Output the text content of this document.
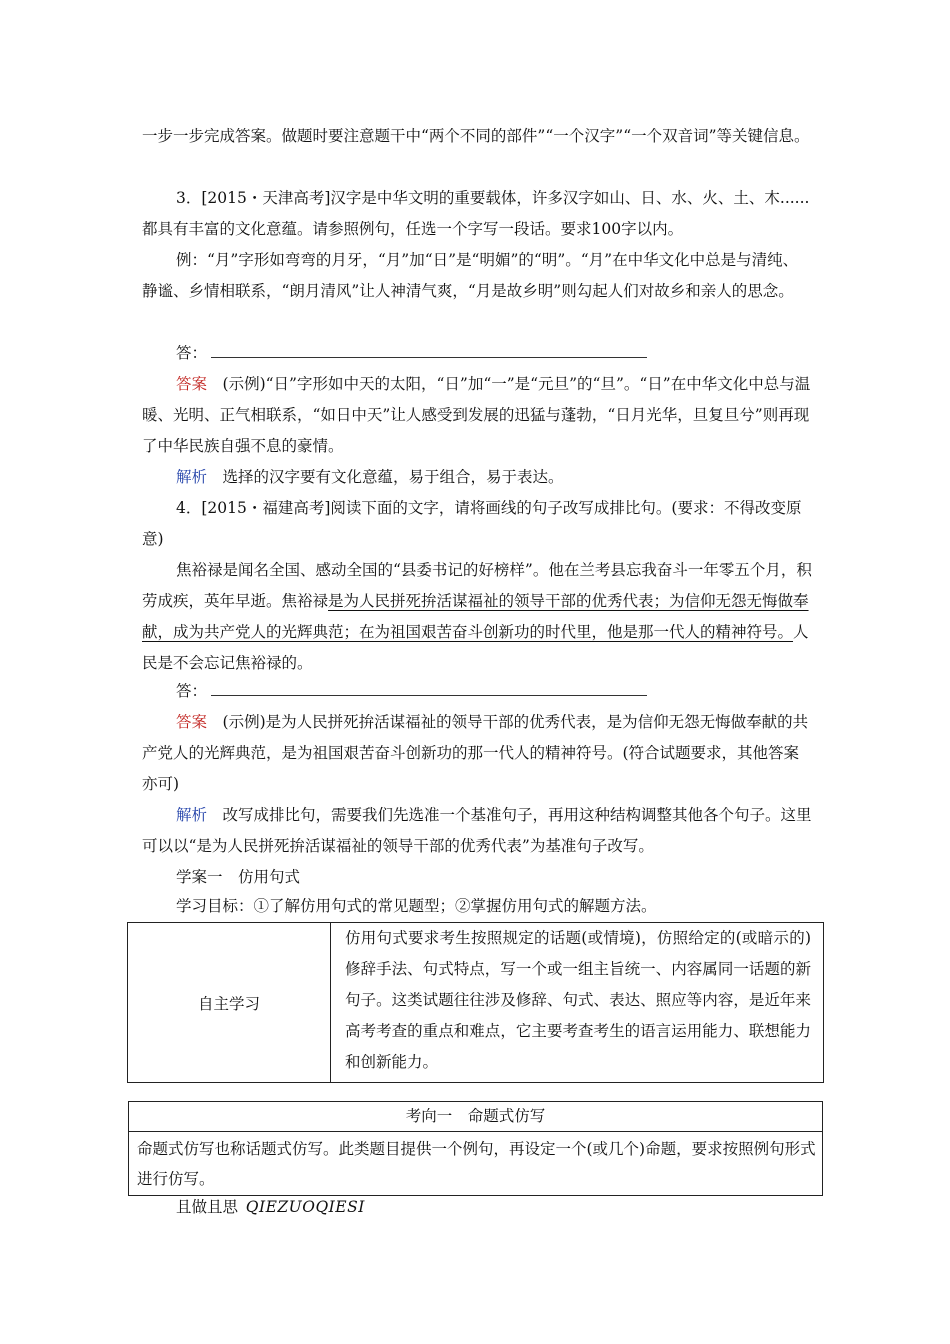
一步一步完成答案。做题时要注意题干中“两个不同的部件”“一个汉字”“一个双音词”等关键信息。

3．[2015・天津高考]汉字是中华文明的重要载体，许多汉字如山、日、水、火、土、木......都具有丰富的文化意蕴。请参照例句，任选一个字写一段话。要求100字以内。

例：“月”字形如弯弯的月牙，“月”加“日”是“明媚”的“明”。“月”在中华文化中总是与清纯、静谧、乡情相联系，“朗月清风”让人神清气爽，“月是故乡明”则勾起人们对故乡和亲人的思念。

答：

答案　 (示例)“日”字形如中天的太阳，“日”加“一”是“元旦”的“旦”。“日”在中华文化中总与温暖、光明、正气相联系，“如日中天”让人感受到发展的迅猛与蓬勃，“日月光华，旦复旦兮”则再现了中华民族自强不息的豪情。

解析　 选择的汉字要有文化意蕴，易于组合，易于表达。

4．[2015・福建高考]阅读下面的文字，请将画线的句子改写成排比句。(要求：不得改变原意)

焦裕禄是闻名全国、感动全国的“县委书记的好榜样”。他在兰考县忘我奋斗一年零五个月，积劳成疾，英年早逝。焦裕禄是为人民拼死拚活谋福祉的领导干部的优秀代表；为信仰无怨无悔做奉献，成为共产党人的光辉典范；在为祖国艰苦奋斗创新功的时代里，他是那一代人的精神符号。人民是不会忘记焦裕禄的。

答：

答案　 (示例)是为人民拼死拚活谋福祉的领导干部的优秀代表，是为信仰无怨无悔做奉献的共产党人的光辉典范，是为祖国艰苦奋斗创新功的那一代人的精神符号。(符合试题要求，其他答案亦可)

解析　 改写成排比句，需要我们先选准一个基准句子，再用这种结构调整其他各个句子。这里可以以“是为人民拼死拚活谋福祉的领导干部的优秀代表”为基准句子改写。

学案一　仿用句式

学习目标：①了解仿用句式的常见题型；②掌握仿用句式的解题方法。

自主学习	仿用句式要求考生按照规定的话题(或情境)，仿照给定的(或暗示的)修辞手法、句式特点，写一个或一组主旨统一、内容属同一话题的新句子。这类试题往往涉及修辞、句式、表达、照应等内容，是近年来高考考查的重点和难点，它主要考查考生的语言运用能力、联想能力和创新能力。
考向一　命题式仿写
命题式仿写也称话题式仿写。此类题目提供一个例句，再设定一个(或几个)命题，要求按照例句形式进行仿写。

且做且思  QIEZUOQIESI
